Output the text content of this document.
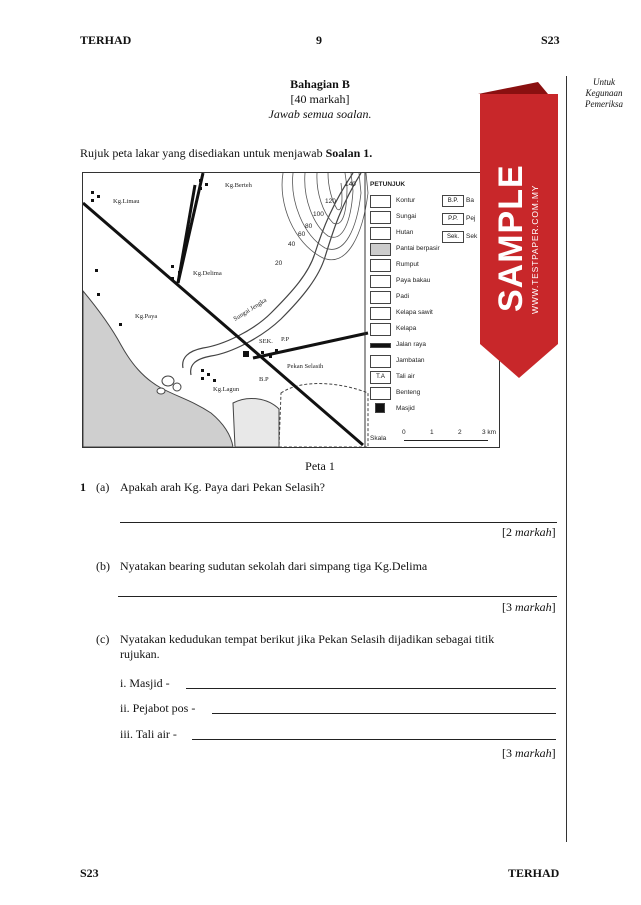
TERHAD	9	S23
Bahagian B
[40 markah]
Jawab semua soalan.
Untuk
Kegunaan
Pemeriksa
Rujuk peta lakar yang disediakan untuk menjawab Soalan 1.
140
120
100
80
60
40
20
Kg.Berteh
Kg.Limau
Kg.Delima
Kg.Paya
Kg.Lagun
Pekan Selasih
SEK. P.P
B.P
Sungai Jengka
PETUNJUK
Kontur
Sungai
Hutan
Pantai berpasir
Rumput
Paya bakau
Padi
Kelapa sawit
Kelapa
Jalan raya
Jambatan
T.A	Tali air
Benteng
Masjid
B.P.	Ba
P.P.	Pej
Sek.	Sek
Skala
0	1	2	3 km
SAMPLE WWW.TESTPAPER.COM.MY
Peta 1
1 (a) Apakah arah Kg. Paya dari Pekan Selasih?
[2 markah]
(b) Nyatakan bearing sudutan sekolah dari simpang tiga Kg.Delima
[3 markah]
(c) Nyatakan kedudukan tempat berikut jika Pekan Selasih dijadikan sebagai titik
rujukan.
i. Masjid -
ii. Pejabot pos -
iii. Tali air -
[3 markah]
S23	TERHAD
